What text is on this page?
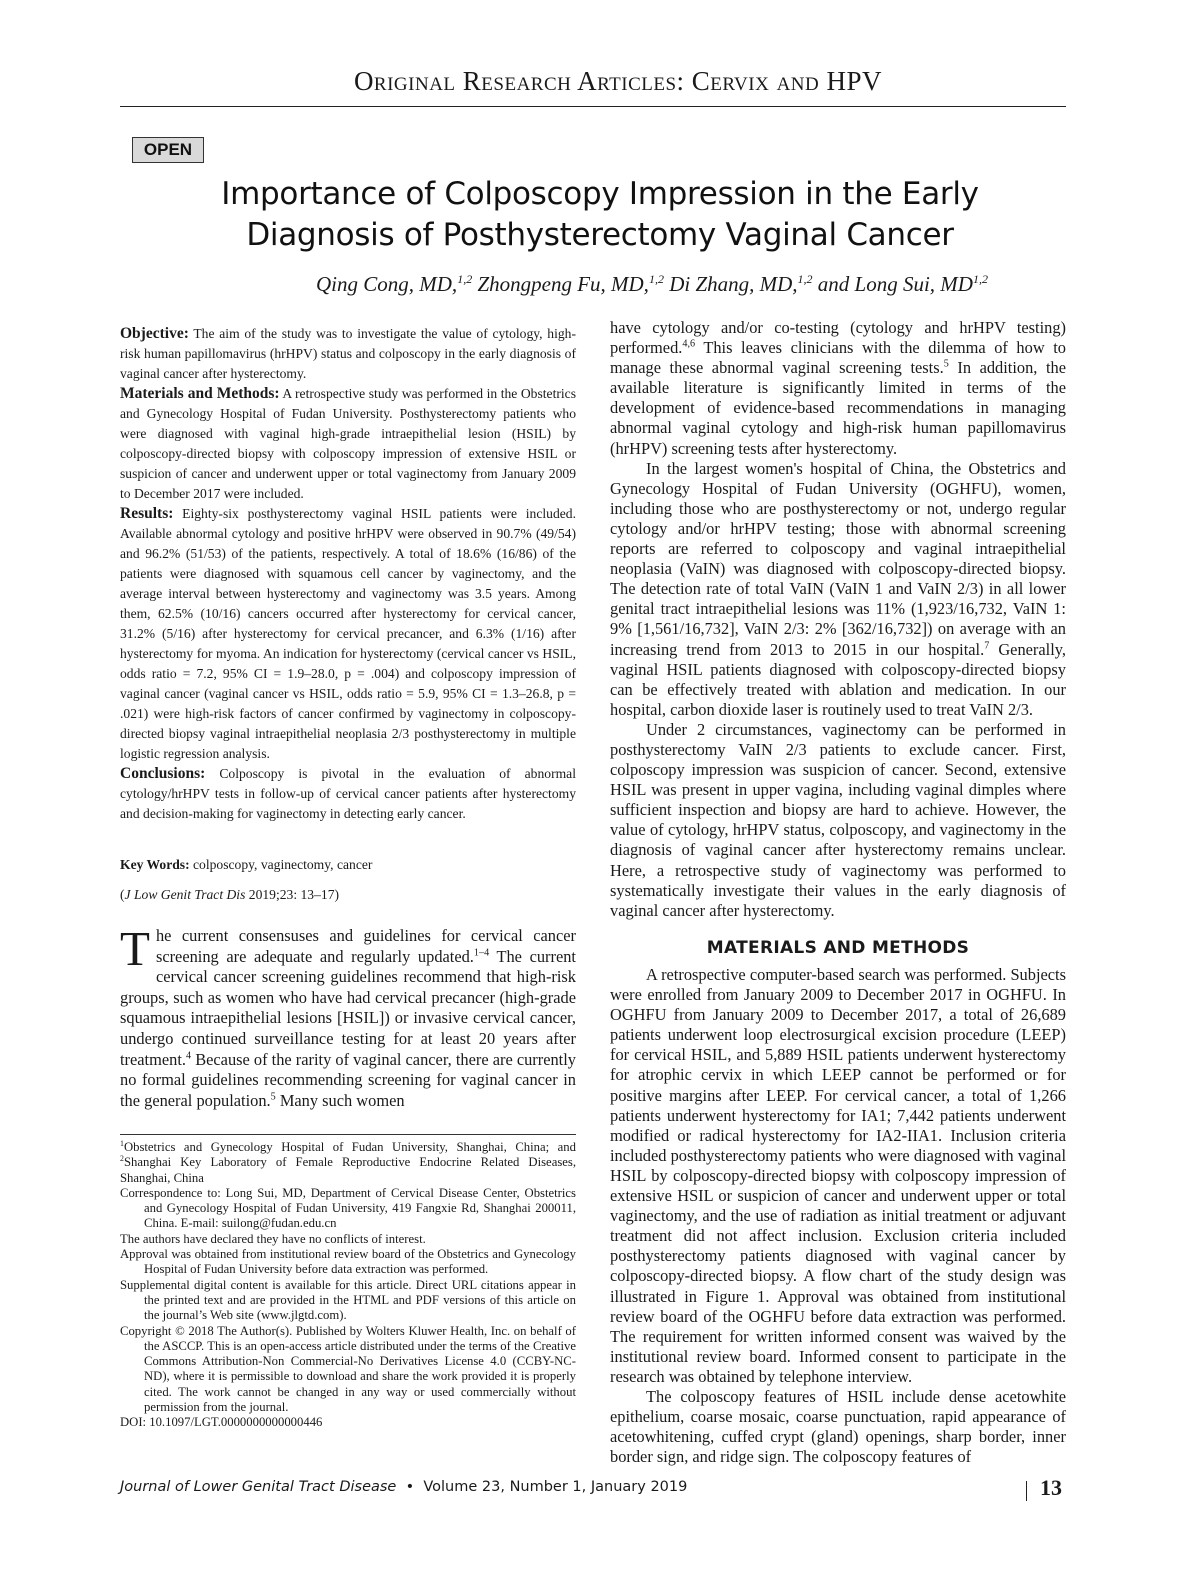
Original Research Articles: Cervix and HPV
OPEN
Importance of Colposcopy Impression in the Early
Diagnosis of Posthysterectomy Vaginal Cancer
Qing Cong, MD,$^{1,2}$ Zhongpeng Fu, MD,$^{1,2}$ Di Zhang, MD,$^{1,2}$ and Long Sui, MD$^{1,2}$

Objective: The aim of the study was to investigate the value of cytology, high-risk human papillomavirus (hrHPV) status and colposcopy in the early diagnosis of vaginal cancer after hysterectomy.

Materials and Methods: A retrospective study was performed in the Obstetrics and Gynecology Hospital of Fudan University. Posthysterectomy patients who were diagnosed with vaginal high-grade intraepithelial lesion (HSIL) by colposcopy-directed biopsy with colposcopy impression of extensive HSIL or suspicion of cancer and underwent upper or total vaginectomy from January 2009 to December 2017 were included.

Results: Eighty-six posthysterectomy vaginal HSIL patients were included. Available abnormal cytology and positive hrHPV were observed in 90.7% (49/54) and 96.2% (51/53) of the patients, respectively. A total of 18.6% (16/86) of the patients were diagnosed with squamous cell cancer by vaginectomy, and the average interval between hysterectomy and vaginectomy was 3.5 years. Among them, 62.5% (10/16) cancers occurred after hysterectomy for cervical cancer, 31.2% (5/16) after hysterectomy for cervical precancer, and 6.3% (1/16) after hysterectomy for myoma. An indication for hysterectomy (cervical cancer vs HSIL, odds ratio = 7.2, 95% CI = 1.9–28.0, p = .004) and colposcopy impression of vaginal cancer (vaginal cancer vs HSIL, odds ratio = 5.9, 95% CI = 1.3–26.8, p = .021) were high-risk factors of cancer confirmed by vaginectomy in colposcopy-directed biopsy vaginal intraepithelial neoplasia 2/3 posthysterectomy in multiple logistic regression analysis.

Conclusions: Colposcopy is pivotal in the evaluation of abnormal cytology/hrHPV tests in follow-up of cervical cancer patients after hysterectomy and decision-making for vaginectomy in detecting early cancer.

Key Words: colposcopy, vaginectomy, cancer
(J Low Genit Tract Dis 2019;23: 13–17)

The current consensuses and guidelines for cervical cancer screening are adequate and regularly updated.$^{1-4}$ The current cervical cancer screening guidelines recommend that high-risk groups, such as women who have had cervical precancer (high-grade squamous intraepithelial lesions [HSIL]) or invasive cervical cancer, undergo continued surveillance testing for at least 20 years after treatment.$^4$ Because of the rarity of vaginal cancer, there are currently no formal guidelines recommending screening for vaginal cancer in the general population.$^5$ Many such women

$^1$Obstetrics and Gynecology Hospital of Fudan University, Shanghai, China; and $^2$Shanghai Key Laboratory of Female Reproductive Endocrine Related Diseases, Shanghai, China

Correspondence to: Long Sui, MD, Department of Cervical Disease Center, Obstetrics and Gynecology Hospital of Fudan University, 419 Fangxie Rd, Shanghai 200011, China. E-mail: suilong@fudan.edu.cn

The authors have declared they have no conflicts of interest.

Approval was obtained from institutional review board of the Obstetrics and Gynecology Hospital of Fudan University before data extraction was performed.

Supplemental digital content is available for this article. Direct URL citations appear in the printed text and are provided in the HTML and PDF versions of this article on the journal’s Web site (www.jlgtd.com).

Copyright © 2018 The Author(s). Published by Wolters Kluwer Health, Inc. on behalf of the ASCCP. This is an open-access article distributed under the terms of the Creative Commons Attribution-Non Commercial-No Derivatives License 4.0 (CCBY-NC-ND), where it is permissible to download and share the work provided it is properly cited. The work cannot be changed in any way or used commercially without permission from the journal.

DOI: 10.1097/LGT.0000000000000446

have cytology and/or co-testing (cytology and hrHPV testing) performed.$^{4,6}$ This leaves clinicians with the dilemma of how to manage these abnormal vaginal screening tests.$^5$ In addition, the available literature is significantly limited in terms of the development of evidence-based recommendations in managing abnormal vaginal cytology and high-risk human papillomavirus (hrHPV) screening tests after hysterectomy.

In the largest women's hospital of China, the Obstetrics and Gynecology Hospital of Fudan University (OGHFU), women, including those who are posthysterectomy or not, undergo regular cytology and/or hrHPV testing; those with abnormal screening reports are referred to colposcopy and vaginal intraepithelial neoplasia (VaIN) was diagnosed with colposcopy-directed biopsy. The detection rate of total VaIN (VaIN 1 and VaIN 2/3) in all lower genital tract intraepithelial lesions was 11% (1,923/16,732, VaIN 1: 9% [1,561/16,732], VaIN 2/3: 2% [362/16,732]) on average with an increasing trend from 2013 to 2015 in our hospital.$^7$ Generally, vaginal HSIL patients diagnosed with colposcopy-directed biopsy can be effectively treated with ablation and medication. In our hospital, carbon dioxide laser is routinely used to treat VaIN 2/3.

Under 2 circumstances, vaginectomy can be performed in posthysterectomy VaIN 2/3 patients to exclude cancer. First, colposcopy impression was suspicion of cancer. Second, extensive HSIL was present in upper vagina, including vaginal dimples where sufficient inspection and biopsy are hard to achieve. However, the value of cytology, hrHPV status, colposcopy, and vaginectomy in the diagnosis of vaginal cancer after hysterectomy remains unclear. Here, a retrospective study of vaginectomy was performed to systematically investigate their values in the early diagnosis of vaginal cancer after hysterectomy.

MATERIALS AND METHODS

A retrospective computer-based search was performed. Subjects were enrolled from January 2009 to December 2017 in OGHFU. In OGHFU from January 2009 to December 2017, a total of 26,689 patients underwent loop electrosurgical excision procedure (LEEP) for cervical HSIL, and 5,889 HSIL patients underwent hysterectomy for atrophic cervix in which LEEP cannot be performed or for positive margins after LEEP. For cervical cancer, a total of 1,266 patients underwent hysterectomy for IA1; 7,442 patients underwent modified or radical hysterectomy for IA2-IIA1. Inclusion criteria included posthysterectomy patients who were diagnosed with vaginal HSIL by colposcopy-directed biopsy with colposcopy impression of extensive HSIL or suspicion of cancer and underwent upper or total vaginectomy, and the use of radiation as initial treatment or adjuvant treatment did not affect inclusion. Exclusion criteria included posthysterectomy patients diagnosed with vaginal cancer by colposcopy-directed biopsy. A flow chart of the study design was illustrated in Figure 1. Approval was obtained from institutional review board of the OGHFU before data extraction was performed. The requirement for written informed consent was waived by the institutional review board. Informed consent to participate in the research was obtained by telephone interview.

The colposcopy features of HSIL include dense acetowhite epithelium, coarse mosaic, coarse punctuation, rapid appearance of acetowhitening, cuffed crypt (gland) openings, sharp border, inner border sign, and ridge sign. The colposcopy features of

Journal of Lower Genital Tract Disease • Volume 23, Number 1, January 2019	13
